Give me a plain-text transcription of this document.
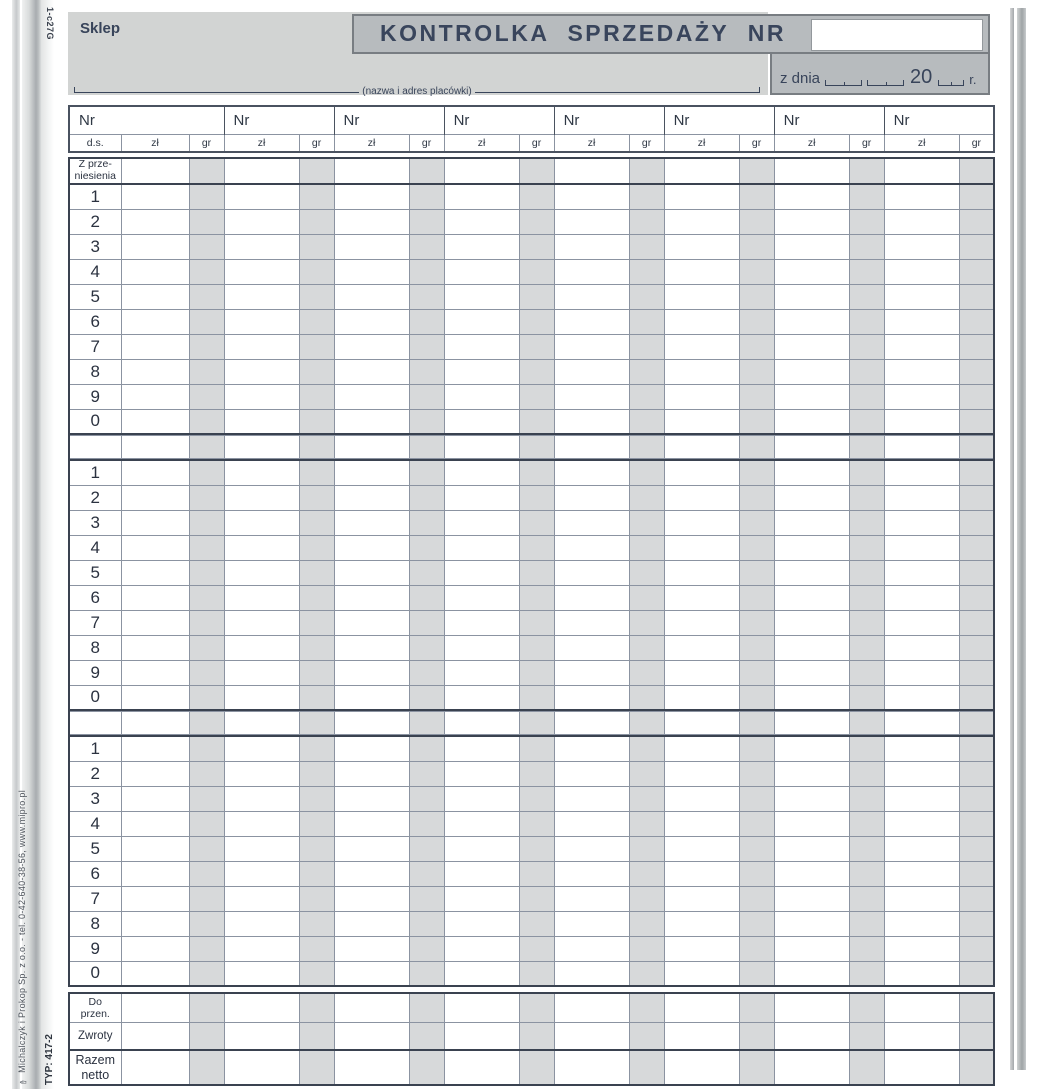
1-c27G
✑ Michalczyk i Prokop Sp. z o.o. - tel. 0-42-640-38-56, www.mipro.pl TYP: 417-2
Sklep
(nazwa i adres placówki)
z dnia	20	r.
KONTROLKA SPRZEDAŻY NR
Nr			Nr		Nr		Nr		Nr		Nr		Nr		Nr	
d.s.	zł	gr	zł	gr	zł	gr	zł	gr	zł	gr	zł	gr	zł	gr	zł	gr
Z prze-
niesienia																
1																
2																
3																
4																
5																
6																
7																
8																
9																
0																

1																
2																
3																
4																
5																
6																
7																
8																
9																
0																

1																
2																
3																
4																
5																
6																
7																
8																
9																
0																
Do
przen.																
Zwroty																
Razem
netto																
